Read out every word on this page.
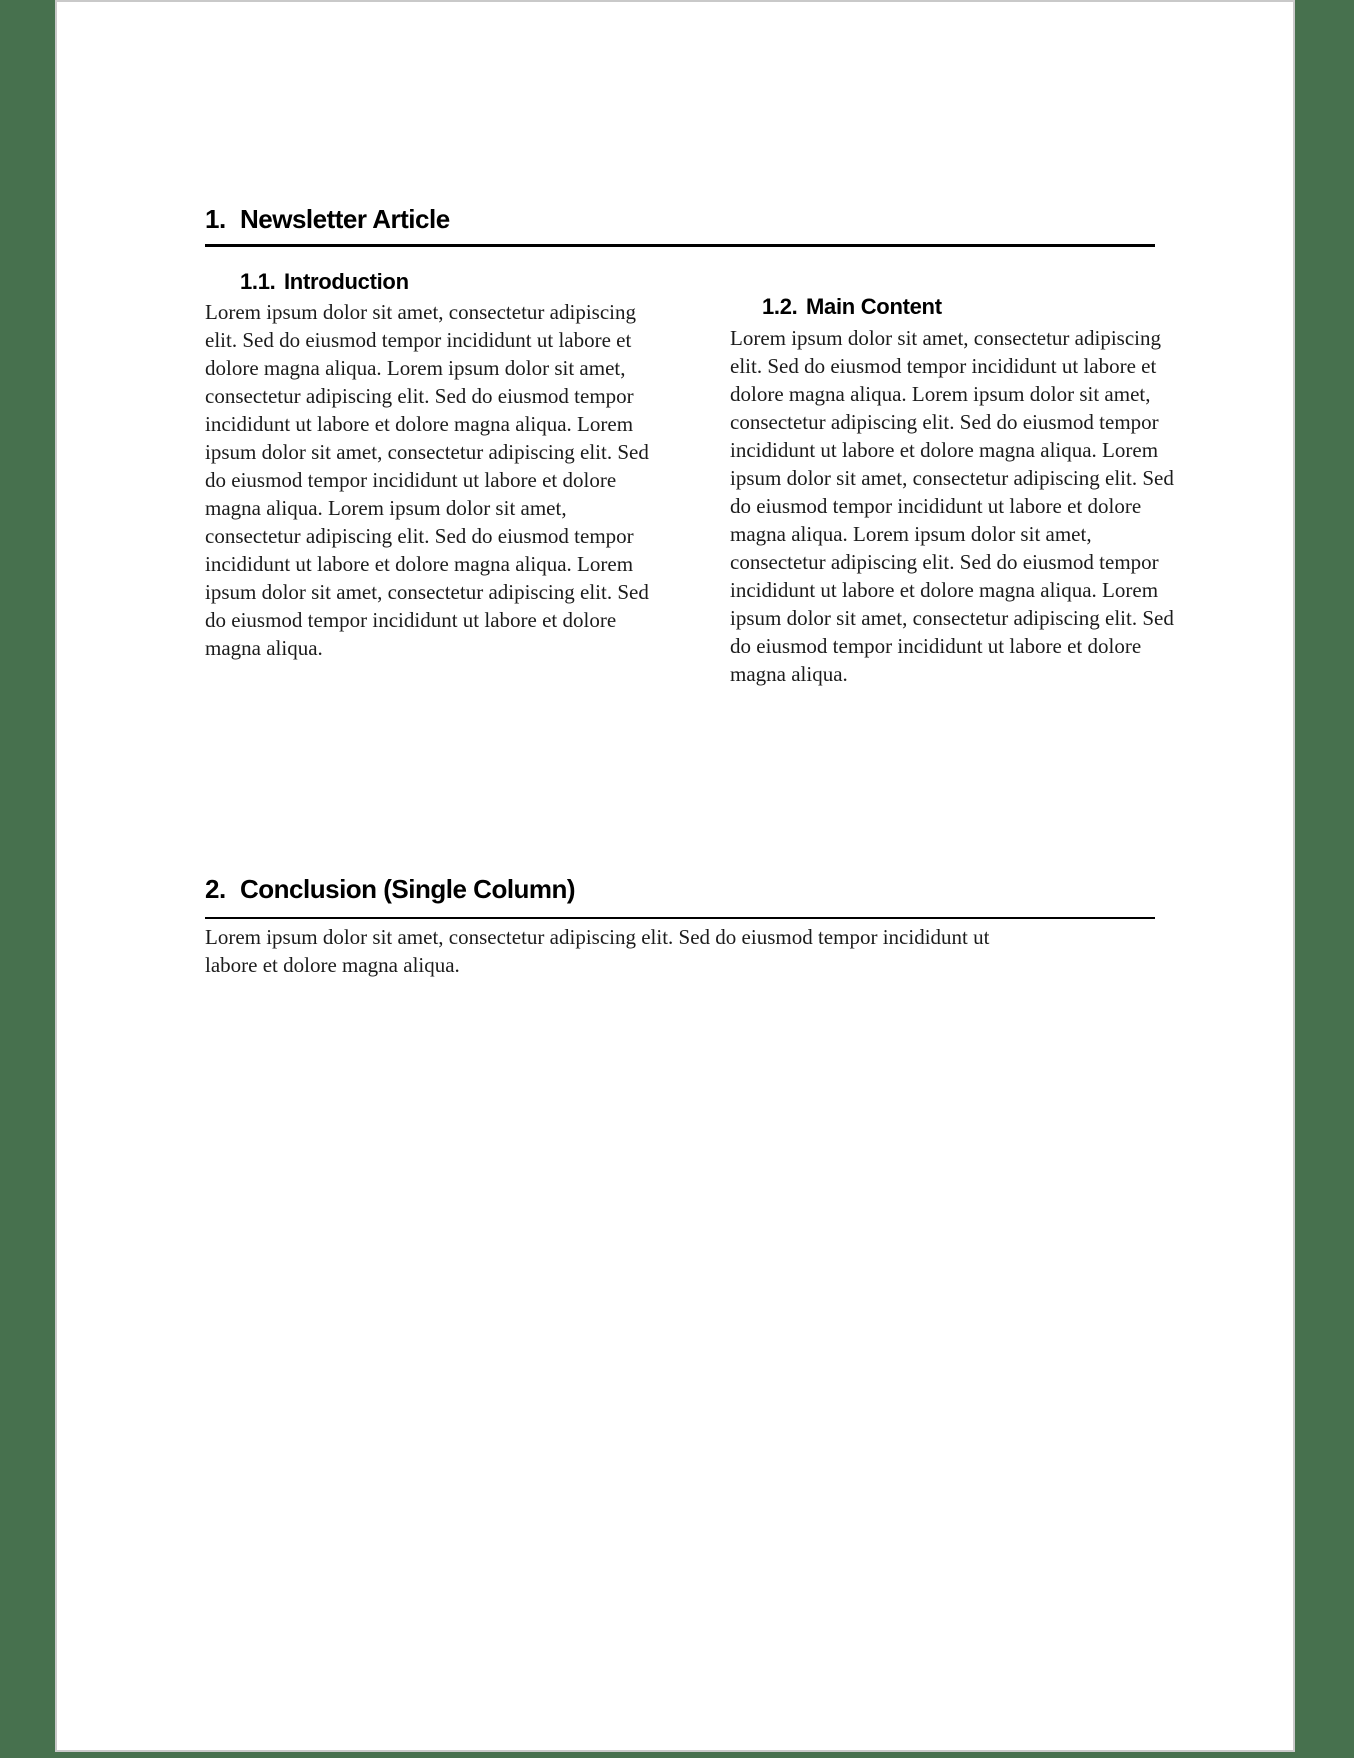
1. Newsletter Article
1.1. Introduction
Lorem ipsum dolor sit amet, consectetur adipiscing elit. Sed do eiusmod tempor incididunt ut labore et dolore magna aliqua. Lorem ipsum dolor sit amet, consectetur adipiscing elit. Sed do eiusmod tempor incididunt ut labore et dolore magna aliqua. Lorem ipsum dolor sit amet, consectetur adipiscing elit. Sed do eiusmod tempor incididunt ut labore et dolore magna aliqua. Lorem ipsum dolor sit amet, consectetur adipiscing elit. Sed do eiusmod tempor incididunt ut labore et dolore magna aliqua. Lorem ipsum dolor sit amet, consectetur adipiscing elit. Sed do eiusmod tempor incididunt ut labore et dolore magna aliqua.
1.2. Main Content
Lorem ipsum dolor sit amet, consectetur adipiscing elit. Sed do eiusmod tempor incididunt ut labore et dolore magna aliqua. Lorem ipsum dolor sit amet, consectetur adipiscing elit. Sed do eiusmod tempor incididunt ut labore et dolore magna aliqua. Lorem ipsum dolor sit amet, consectetur adipiscing elit. Sed do eiusmod tempor incididunt ut labore et dolore magna aliqua. Lorem ipsum dolor sit amet, consectetur adipiscing elit. Sed do eiusmod tempor incididunt ut labore et dolore magna aliqua. Lorem ipsum dolor sit amet, consectetur adipiscing elit. Sed do eiusmod tempor incididunt ut labore et dolore magna aliqua.
2. Conclusion (Single Column)
Lorem ipsum dolor sit amet, consectetur adipiscing elit. Sed do eiusmod tempor incididunt ut labore et dolore magna aliqua.
